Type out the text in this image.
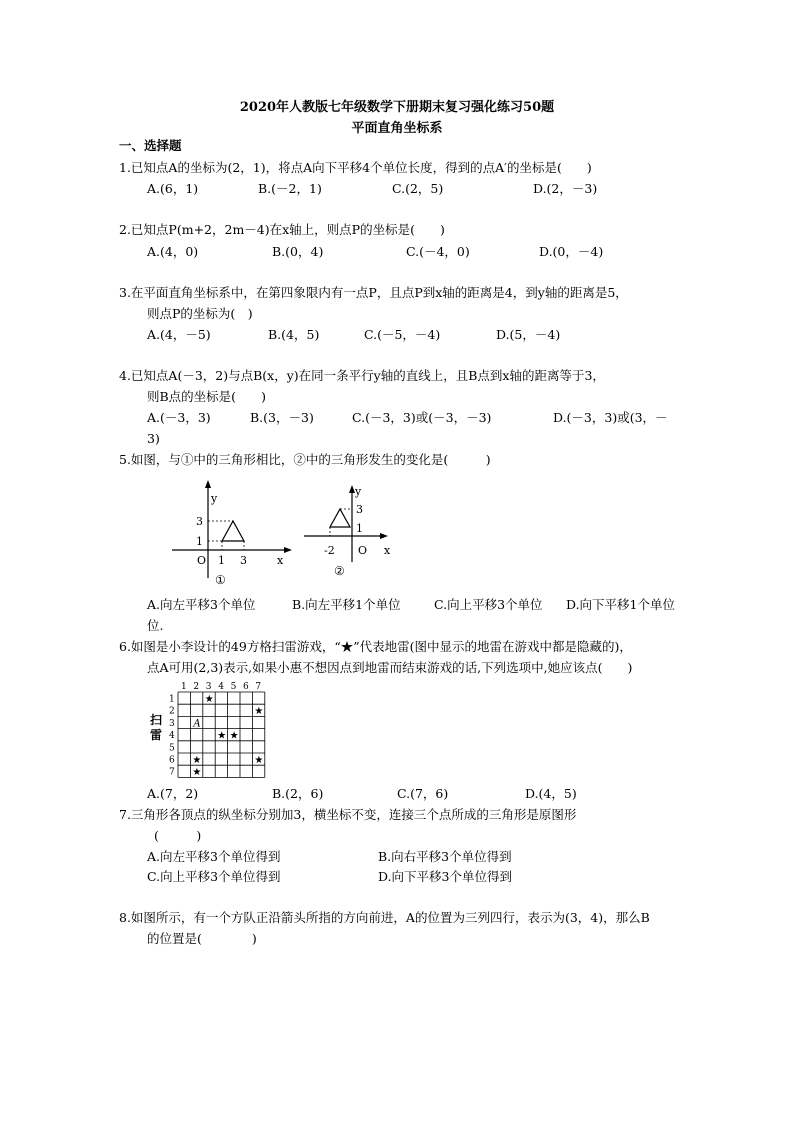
2020年人教版七年级数学下册期末复习强化练习50题
平面直角坐标系
一、选择题
1.已知点A的坐标为(2，1)，将点A向下平移4个单位长度，得到的点A′的坐标是(　　)
A.(6，1)	B.(－2，1)	C.(2，5)	D.(2，－3)
2.已知点P(m+2，2m－4)在x轴上，则点P的坐标是(　　)
A.(4，0)	B.(0，4)	C.(－4，0)	D.(0，－4)
3.在平面直角坐标系中，在第四象限内有一点P，且点P到x轴的距离是4，到y轴的距离是5，
则点P的坐标为(　)
A.(4，－5)	B.(4，5)	C.(－5，－4)	D.(5，－4)
4.已知点A(－3，2)与点B(x，y)在同一条平行y轴的直线上，且B点到x轴的距离等于3，
则B点的坐标是(　　)
A.(－3，3)	B.(3，－3)	C.(－3，3)或(－3，－3)	D.(－3，3)或(3，－
3)
5.如图，与①中的三角形相比，②中的三角形发生的变化是(　　　)
y
3
1
O 1 3	x
①
y
3
1
-2 O x
②
A.向左平移3个单位	B.向左平移1个单位	C.向上平移3个单位 D.向下平移1个单位
位.
6.如图是小李设计的49方格扫雷游戏，“★”代表地雷(图中显示的地雷在游戏中都是隐藏的)，
点A可用(2,3)表示,如果小惠不想因点到地雷而结束游戏的话,下列选项中,她应该点(　　)
1 2 3 4 5 6 7
1
2
3
4
5
6
7
★
★
★ ★
★	★
★
A
扫
雷
A.(7，2)	B.(2，6)	C.(7，6)	D.(4，5)
7.三角形各顶点的纵坐标分别加3，横坐标不变，连接三个点所成的三角形是原图形
(　　　)
A.向左平移3个单位得到	B.向右平移3个单位得到
C.向上平移3个单位得到	D.向下平移3个单位得到
8.如图所示，有一个方队正沿箭头所指的方向前进，A的位置为三列四行，表示为(3，4)，那么B
的位置是(　　　　)
